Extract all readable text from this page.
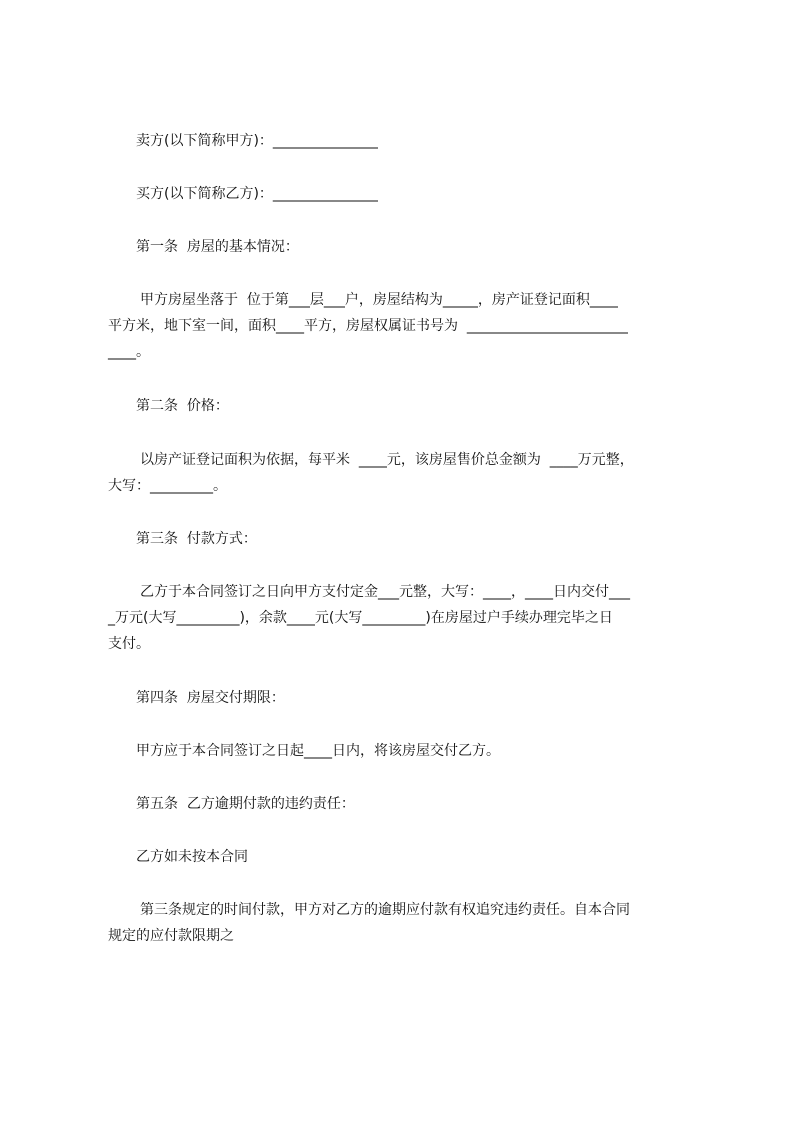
卖方(以下简称甲方)：_______________
买方(以下简称乙方)：_______________
第一条  房屋的基本情况：
甲方房屋坐落于  位于第___层___户，房屋结构为_____，房产证登记面积____
平方米，地下室一间，面积____平方，房屋权属证书号为  _______________________
____。
第二条  价格：
以房产证登记面积为依据，每平米  ____元，该房屋售价总金额为  ____万元整，
大写：_________。
第三条  付款方式：
乙方于本合同签订之日向甲方支付定金___元整，大写：____，____日内交付___
_万元(大写_________)，余款____元(大写_________)在房屋过户手续办理完毕之日
支付。
第四条  房屋交付期限：
甲方应于本合同签订之日起____日内，将该房屋交付乙方。
第五条  乙方逾期付款的违约责任：
乙方如未按本合同
第三条规定的时间付款，甲方对乙方的逾期应付款有权追究违约责任。自本合同
规定的应付款限期之
